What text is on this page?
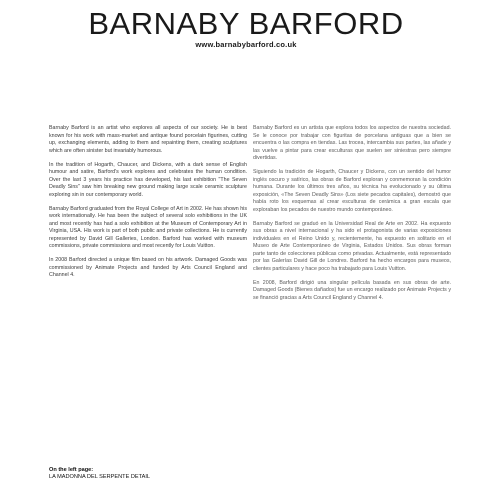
BARNABY BARFORD
www.barnabybarford.co.uk

Barnaby Barford is an artist who explores all aspects of our society. He is best known for his work with mass-market and antique found porcelain figurines, cutting up, exchanging elements, adding to them and repainting them, creating sculptures which are often sinister but invariably humorous.

In the tradition of Hogarth, Chaucer, and Dickens, with a dark sense of English humour and satire, Barford's work explores and celebrates the human condition. Over the last 3 years his practice has developed, his last exhibition "The Seven Deadly Sins" saw him breaking new ground making large scale ceramic sculpture exploring sin in our contemporary world.

Barnaby Barford graduated from the Royal College of Art in 2002. He has shown his work internationally. He has been the subject of several solo exhibitions in the UK and most recently has had a solo exhibition at the Museum of Contemporary Art in Virginia, USA. His work is part of both public and private collections. He is currently represented by David Gill Galleries, London. Barford has worked with museum commissions, private commissions and most recently for Louis Vuitton.

In 2008 Barford directed a unique film based on his artwork. Damaged Goods was commissioned by Animate Projects and funded by Arts Council England and Channel 4.

Barnaby Barford es un artista que explora todos los aspectos de nuestra sociedad. Se le conoce por trabajar con figuritas de porcelana antiguas que a bien se encuentra o las compra en tiendas. Las trocea, intercambia sus partes, las añade y las vuelve a pintar para crear esculturas que suelen ser siniestras pero siempre divertidas.

Siguiendo la tradición de Hogarth, Chaucer y Dickens, con un sentido del humor inglés oscuro y satírico, las obras de Barford exploran y conmemoran la condición humana. Durante los últimos tres años, su técnica ha evolucionado y su última exposición, «The Seven Deadly Sins» (Los siete pecados capitales), demostró que había roto los esquemas al crear esculturas de cerámica a gran escala que exploraban los pecados de nuestro mundo contemporáneo.

Barnaby Barford se graduó en la Universidad Real de Arte en 2002. Ha expuesto sus obras a nivel internacional y ha sido el protagonista de varias exposiciones individuales en el Reino Unido y, recientemente, ha expuesto en solitario en el Museo de Arte Contemporáneo de Virginia, Estados Unidos. Sus obras forman parte tanto de colecciones públicas como privadas. Actualmente, está representado por las Galerías David Gill de Londres. Barford ha hecho encargos para museos, clientes particulares y hace poco ha trabajado para Louis Vuitton.

En 2008, Barford dirigió una singular película basada en sus obras de arte. Damaged Goods (Bienes dañados) fue un encargo realizado por Animate Projects y se financió gracias a Arts Council England y Channel 4.

On the left page:
LA MADONNA DEL SERPENTE DETAIL
